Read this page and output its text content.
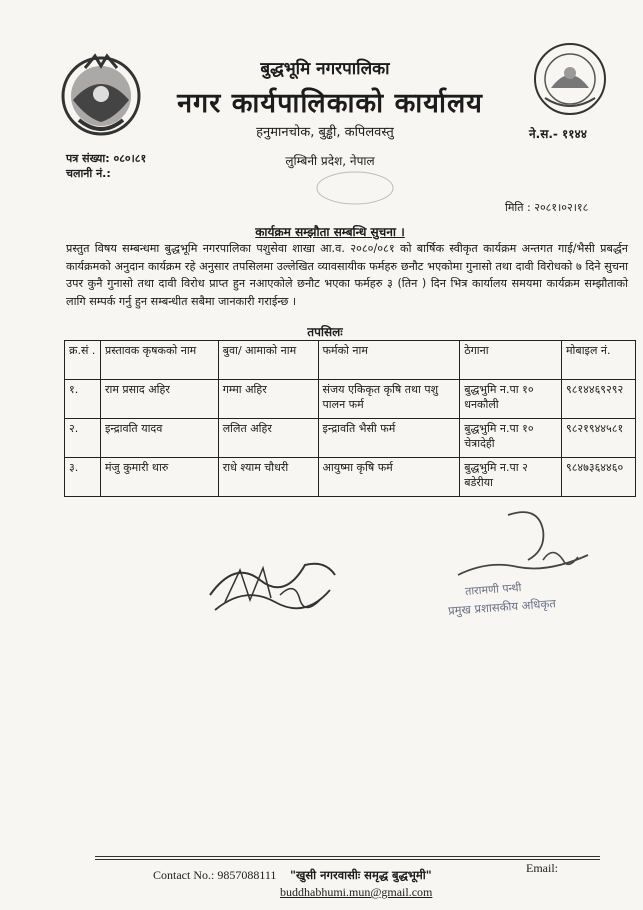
बुद्धभूमि नगरपालिका
नगर कार्यपालिकाको कार्यालय
हनुमानचोक, बुड्ढी, कपिलवस्तु	ने.स.- ११४४
पत्र संख्या: ०८०।८१
चलानी नं.:
लुम्बिनी प्रदेश, नेपाल
मिति : २०८१।०२।१८
कार्यक्रम सम्झौता सम्बन्धि सुचना ।
प्रस्तुत विषय सम्बन्धमा बुद्धभूमि नगरपालिका पशुसेवा शाखा आ.व. २०८०/०८१ को बार्षिक स्वीकृत कार्यक्रम अन्तगत गाई/भैसी प्रबर्द्धन कार्यक्रमको अनुदान कार्यक्रम रहे अनुसार तपसिलमा उल्लेखित व्यावसायीक फर्महरु छनौट भएकोमा गुनासो तथा दावी विरोधको ७ दिने सुचना उपर कुनै गुनासो तथा दावी विरोध प्राप्त हुन नआएकोले छनौट भएका फर्महरु ३ (तिन ) दिन भित्र कार्यालय समयमा कार्यक्रम सम्झौताको लागि सम्पर्क गर्नु हुन सम्बन्धीत सबैमा जानकारी गराईन्छ ।
तपसिलः
क्र.सं .	प्रस्तावक कृषकको नाम	बुवा/ आमाको नाम	फर्मको नाम	ठेगाना	मोबाइल नं.
१.	राम प्रसाद अहिर	गम्मा अहिर	संजय एकिकृत कृषि तथा पशु पालन फर्म	बुद्धभुमि न.पा १० धनकौली	९८१४४६९२९२
२.	इन्द्रावति यादव	ललित अहिर	इन्द्रावति भैसी फर्म	बुद्धभुमि न.पा १० चेत्रादेही	९८२१९४४५८१
३.	मंजु कुमारी थारु	राधे श्याम चौधरी	आयुष्मा कृषि फर्म	बुद्धभुमि न.पा २ बडेरीया	९८४७३६४४६०
तारामणी पन्थी
प्रमुख प्रशासकीय अधिकृत
Contact No.: 9857088111 "खुसी नगरवासीः समृद्ध बुद्धभूमी"	Email:
buddhabhumi.mun@gmail.com
